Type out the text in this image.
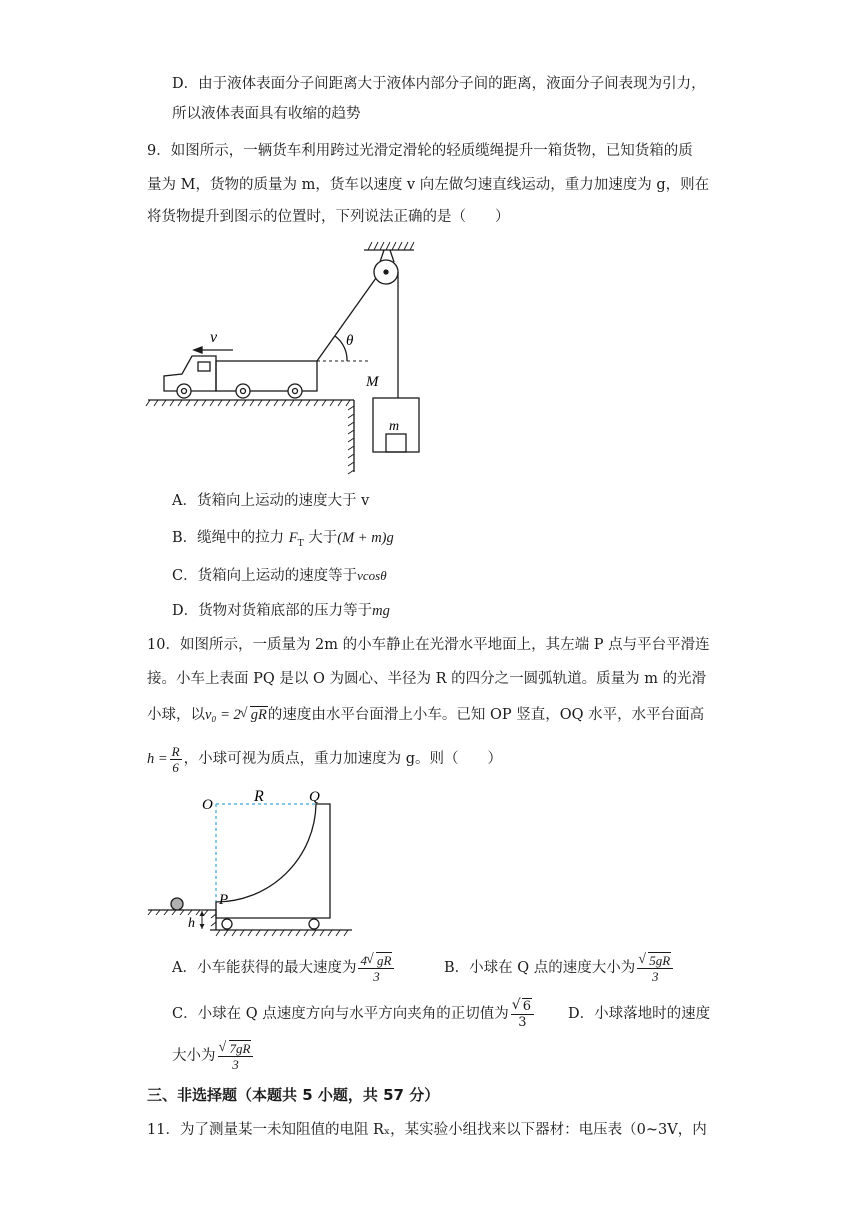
D．由于液体表面分子间距离大于液体内部分子间的距离，液面分子间表现为引力，
所以液体表面具有收缩的趋势
9．如图所示，一辆货车利用跨过光滑定滑轮的轻质缆绳提升一箱货物，已知货箱的质
量为 M，货物的质量为 m，货车以速度 v 向左做匀速直线运动，重力加速度为 g，则在
将货物提升到图示的位置时，下列说法正确的是（　　）
v	θ
M
m
A．货箱向上运动的速度大于 v
B．缆绳中的拉力 $F_T$ 大于(M + m)g
C．货箱向上运动的速度等于vcosθ
D．货物对货箱底部的压力等于mg
10．如图所示，一质量为 2m 的小车静止在光滑水平地面上，其左端 P 点与平台平滑连
接。小车上表面 PQ 是以 O 为圆心、半径为 R 的四分之一圆弧轨道。质量为 m 的光滑
小球，以v₀ = 2 √ gR的速度由水平台面滑上小车。已知 OP 竖直，OQ 水平，水平台面高
$h = \frac{R}{6}$ ，小球可视为质点，重力加速度为 g。则（　　）
O	R	Q
P
h
A．小车能获得的最大速度为 $\frac{4 √ gR}{3}$	B．小球在 Q 点的速度大小为 √ $\frac{5gR}{3}$
C．小球在 Q 点速度方向与水平方向夹角的正切值为 √ $\frac{6}{3}$ D．小球落地时的速度
大小为 √ $\frac{7gR}{3}$
三、非选择题（本题共 5 小题，共 57 分）
11．为了测量某一未知阻值的电阻 Rₓ，某实验小组找来以下器材：电压表（0~3V，内
